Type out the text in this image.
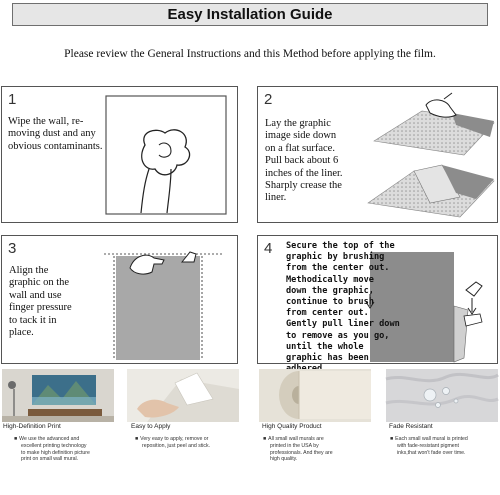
Easy Installation Guide
Please review the General Instructions and this Method before applying the film.
1
Wipe the wall, re-
moving dust and any
obvious contaminants.
2
Lay the graphic
image side down
on a flat surface.
Pull back about 6
inches of the liner.
Sharply crease the
liner.
3
Align the
graphic on the
wall and use
finger pressure
to tack it in
place.
4 Secure the top of the
graphic by brushing
from the center out.
Methodically move
down the graphic,
continue to brush
from center out.
Gently pull liner down
to remove as you go,
until the whole
graphic has been
High-Definition Print
■ We use the advanced and
excellent printing technology
to make high definition picture
print on small wall mural.
Easy to Apply
■ Very easy to apply, remove or
reposition, just peel and stick.
High Quality Product
■ All small wall murals are
printed in the USA by
professionals. And they are
high quality.
Fade Resistant
■ Each small wall mural is printed
with fade-resistant pigment
inks,that won't fade over time.
